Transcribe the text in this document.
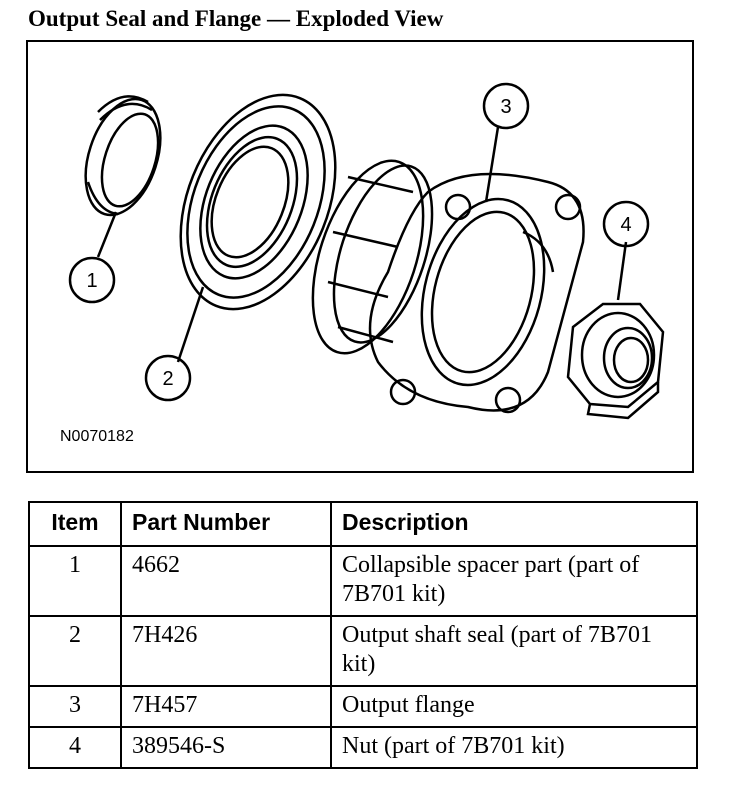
Output Seal and Flange — Exploded View
1
2
3
4
N0070182
Item	Part Number	Description
1	4662	Collapsible spacer part (part of 7B701 kit)
2	7H426	Output shaft seal (part of 7B701 kit)
3	7H457	Output flange
4	389546-S	Nut (part of 7B701 kit)
